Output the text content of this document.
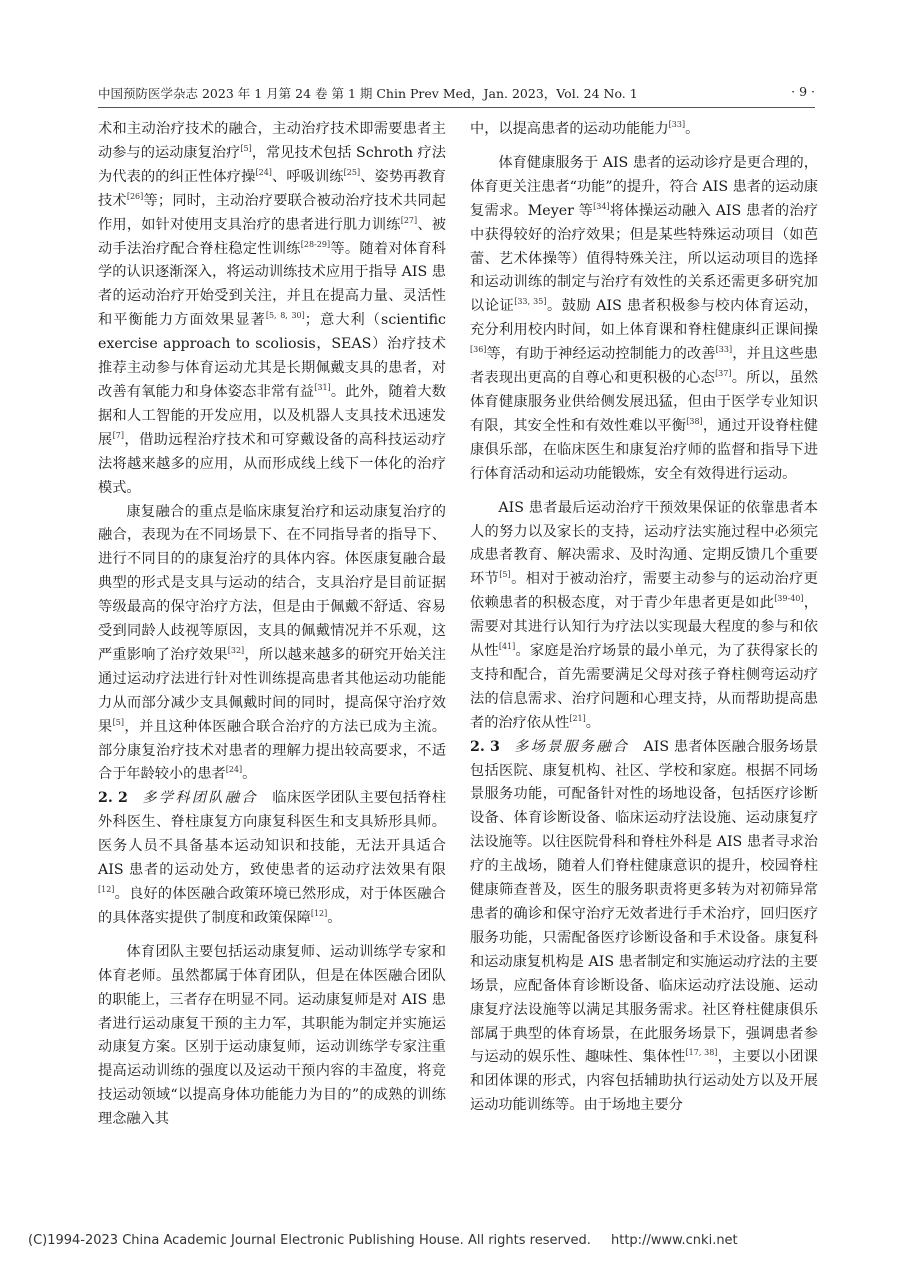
中国预防医学杂志 2023 年 1 月第 24 卷 第 1 期 Chin Prev Med，Jan. 2023，Vol. 24 No. 1	· 9 ·

术和主动治疗技术的融合，主动治疗技术即需要患者主动参与的运动康复治疗[5]，常见技术包括 Schroth 疗法为代表的的纠正性体疗操[24]、呼吸训练[25]、姿势再教育技术[26]等；同时，主动治疗要联合被动治疗技术共同起作用，如针对使用支具治疗的患者进行肌力训练[27]、被动手法治疗配合脊柱稳定性训练[28-29]等。随着对体育科学的认识逐渐深入，将运动训练技术应用于指导 AIS 患者的运动治疗开始受到关注，并且在提高力量、灵活性和平衡能力方面效果显著[5, 8, 30]；意大利（scientific exercise approach to scoliosis，SEAS）治疗技术推荐主动参与体育运动尤其是长期佩戴支具的患者，对改善有氧能力和身体姿态非常有益[31]。此外，随着大数据和人工智能的开发应用，以及机器人支具技术迅速发展[7]，借助远程治疗技术和可穿戴设备的高科技运动疗法将越来越多的应用，从而形成线上线下一体化的治疗模式。

康复融合的重点是临床康复治疗和运动康复治疗的融合，表现为在不同场景下、在不同指导者的指导下、进行不同目的的康复治疗的具体内容。体医康复融合最典型的形式是支具与运动的结合，支具治疗是目前证据等级最高的保守治疗方法，但是由于佩戴不舒适、容易受到同龄人歧视等原因，支具的佩戴情况并不乐观，这严重影响了治疗效果[32]，所以越来越多的研究开始关注通过运动疗法进行针对性训练提高患者其他运动功能能力从而部分减少支具佩戴时间的同时，提高保守治疗效果[5]，并且这种体医融合联合治疗的方法已成为主流。部分康复治疗技术对患者的理解力提出较高要求，不适合于年龄较小的患者[24]。

2. 2 多学科团队融合 临床医学团队主要包括脊柱外科医生、脊柱康复方向康复科医生和支具矫形具师。医务人员不具备基本运动知识和技能，无法开具适合 AIS 患者的运动处方，致使患者的运动疗法效果有限[12]。良好的体医融合政策环境已然形成，对于体医融合的具体落实提供了制度和政策保障[12]。

体育团队主要包括运动康复师、运动训练学专家和体育老师。虽然都属于体育团队，但是在体医融合团队的职能上，三者存在明显不同。运动康复师是对 AIS 患者进行运动康复干预的主力军，其职能为制定并实施运动康复方案。区别于运动康复师，运动训练学专家注重提高运动训练的强度以及运动干预内容的丰盈度，将竞技运动领域“以提高身体功能能力为目的”的成熟的训练理念融入其

中，以提高患者的运动功能能力[33]。

体育健康服务于 AIS 患者的运动诊疗是更合理的，体育更关注患者“功能”的提升，符合 AIS 患者的运动康复需求。Meyer 等[34]将体操运动融入 AIS 患者的治疗中获得较好的治疗效果；但是某些特殊运动项目（如芭蕾、艺术体操等）值得特殊关注，所以运动项目的选择和运动训练的制定与治疗有效性的关系还需更多研究加以论证[33, 35]。鼓励 AIS 患者积极参与校内体育运动，充分利用校内时间，如上体育课和脊柱健康纠正课间操[36]等，有助于神经运动控制能力的改善[33]，并且这些患者表现出更高的自尊心和更积极的心态[37]。所以，虽然体育健康服务业供给侧发展迅猛，但由于医学专业知识有限，其安全性和有效性难以平衡[38]，通过开设脊柱健康俱乐部，在临床医生和康复治疗师的监督和指导下进行体育活动和运动功能锻炼，安全有效得进行运动。

AIS 患者最后运动治疗干预效果保证的依靠患者本人的努力以及家长的支持，运动疗法实施过程中必须完成患者教育、解决需求、及时沟通、定期反馈几个重要环节[5]。相对于被动治疗，需要主动参与的运动治疗更依赖患者的积极态度，对于青少年患者更是如此[39-40]，需要对其进行认知行为疗法以实现最大程度的参与和依从性[41]。家庭是治疗场景的最小单元，为了获得家长的支持和配合，首先需要满足父母对孩子脊柱侧弯运动疗法的信息需求、治疗问题和心理支持，从而帮助提高患者的治疗依从性[21]。

2. 3 多场景服务融合 AIS 患者体医融合服务场景包括医院、康复机构、社区、学校和家庭。根据不同场景服务功能，可配备针对性的场地设备，包括医疗诊断设备、体育诊断设备、临床运动疗法设施、运动康复疗法设施等。以往医院骨科和脊柱外科是 AIS 患者寻求治疗的主战场，随着人们脊柱健康意识的提升，校园脊柱健康筛查普及，医生的服务职责将更多转为对初筛异常患者的确诊和保守治疗无效者进行手术治疗，回归医疗服务功能，只需配备医疗诊断设备和手术设备。康复科和运动康复机构是 AIS 患者制定和实施运动疗法的主要场景，应配备体育诊断设备、临床运动疗法设施、运动康复疗法设施等以满足其服务需求。社区脊柱健康俱乐部属于典型的体育场景，在此服务场景下，强调患者参与运动的娱乐性、趣味性、集体性[17, 38]，主要以小团课和团体课的形式，内容包括辅助执行运动处方以及开展运动功能训练等。由于场地主要分

(C)1994-2023 China Academic Journal Electronic Publishing House. All rights reserved. http://www.cnki.net
